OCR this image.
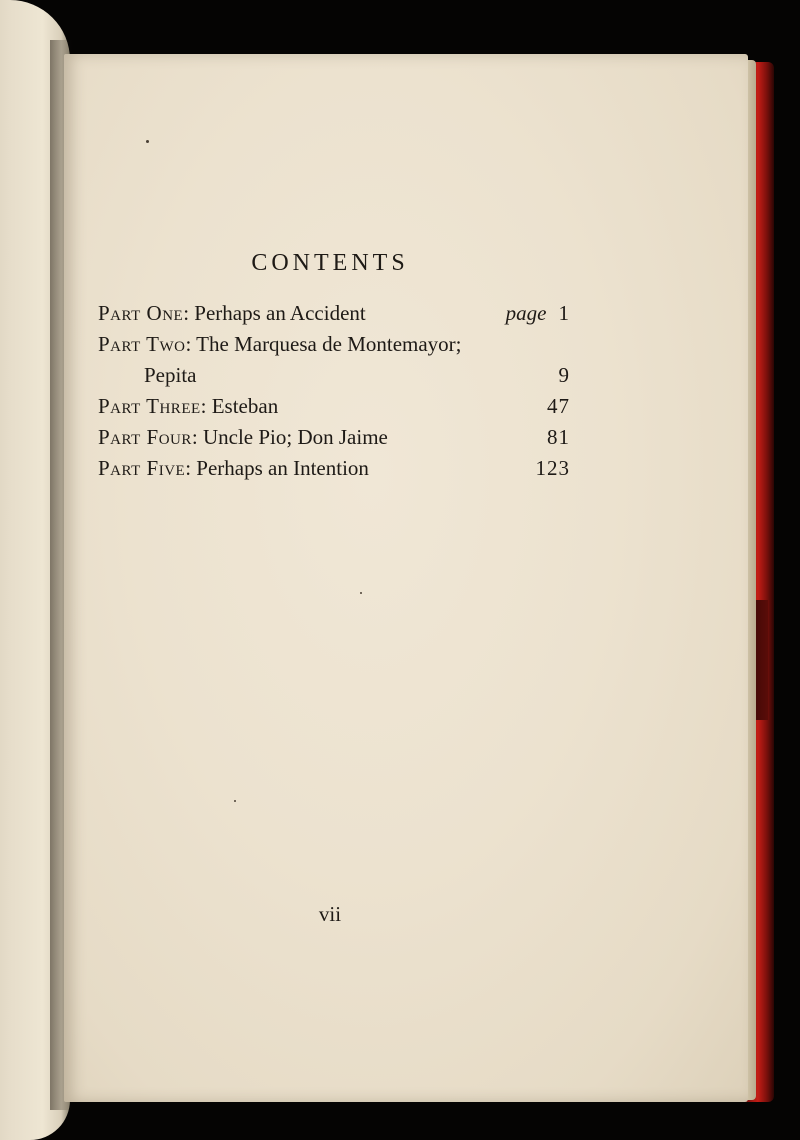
CONTENTS
Part One: Perhaps an Accident	page 1
Part Two: The Marquesa de Montemayor;
Pepita	9
Part Three: Esteban	47
Part Four: Uncle Pio; Don Jaime	81
Part Five: Perhaps an Intention	123
vii
